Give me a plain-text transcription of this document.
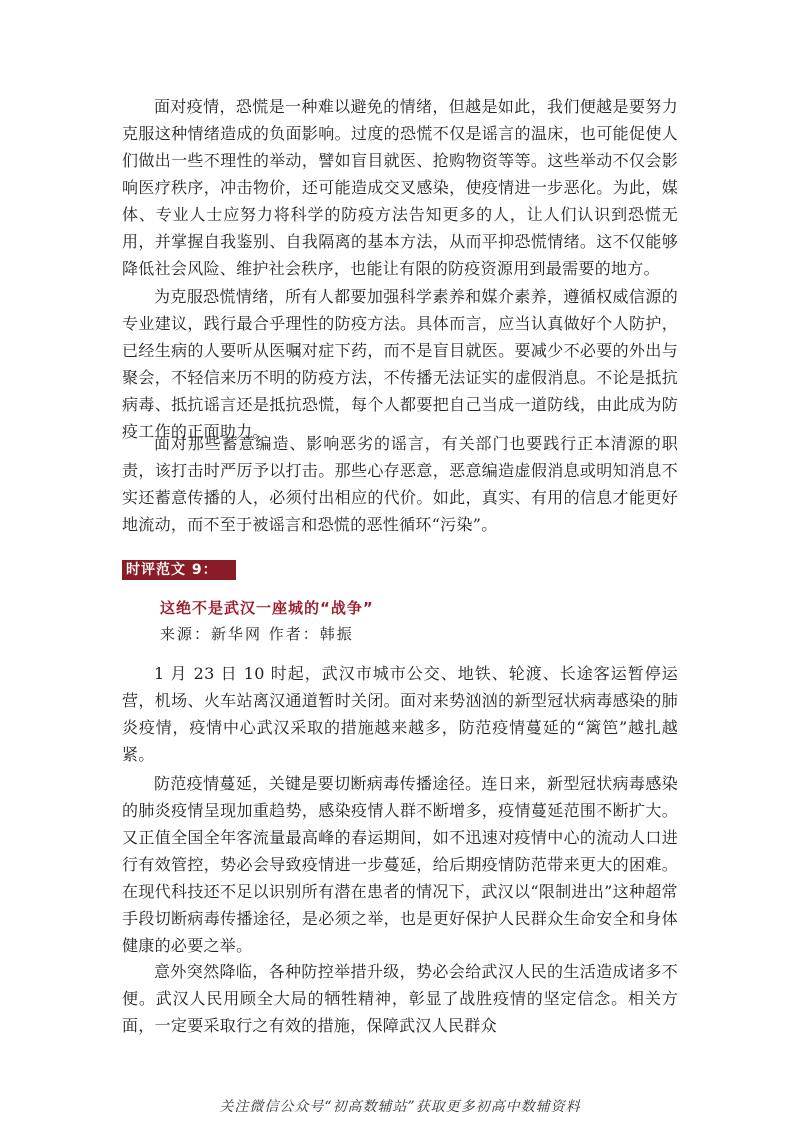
面对疫情，恐慌是一种难以避免的情绪，但越是如此，我们便越是要努力克服这种情绪造成的负面影响。过度的恐慌不仅是谣言的温床，也可能促使人们做出一些不理性的举动，譬如盲目就医、抢购物资等等。这些举动不仅会影响医疗秩序，冲击物价，还可能造成交叉感染，使疫情进一步恶化。为此，媒体、专业人士应努力将科学的防疫方法告知更多的人，让人们认识到恐慌无用，并掌握自我鉴别、自我隔离的基本方法，从而平抑恐慌情绪。这不仅能够降低社会风险、维护社会秩序，也能让有限的防疫资源用到最需要的地方。

为克服恐慌情绪，所有人都要加强科学素养和媒介素养，遵循权威信源的专业建议，践行最合乎理性的防疫方法。具体而言，应当认真做好个人防护，已经生病的人要听从医嘱对症下药，而不是盲目就医。要减少不必要的外出与聚会，不轻信来历不明的防疫方法，不传播无法证实的虚假消息。不论是抵抗病毒、抵抗谣言还是抵抗恐慌，每个人都要把自己当成一道防线，由此成为防疫工作的正面助力。

面对那些蓄意编造、影响恶劣的谣言，有关部门也要践行正本清源的职责，该打击时严厉予以打击。那些心存恶意，恶意编造虚假消息或明知消息不实还蓄意传播的人，必须付出相应的代价。如此，真实、有用的信息才能更好地流动，而不至于被谣言和恐慌的恶性循环“污染”。

时评范文 9：
这绝不是武汉一座城的“战争”
来源：新华网 作者：韩振

1 月 23 日 10 时起，武汉市城市公交、地铁、轮渡、长途客运暂停运营，机场、火车站离汉通道暂时关闭。面对来势汹汹的新型冠状病毒感染的肺炎疫情，疫情中心武汉采取的措施越来越多，防范疫情蔓延的“篱笆”越扎越紧。

防范疫情蔓延，关键是要切断病毒传播途径。连日来，新型冠状病毒感染的肺炎疫情呈现加重趋势，感染疫情人群不断增多，疫情蔓延范围不断扩大。又正值全国全年客流量最高峰的春运期间，如不迅速对疫情中心的流动人口进行有效管控，势必会导致疫情进一步蔓延，给后期疫情防范带来更大的困难。在现代科技还不足以识别所有潜在患者的情况下，武汉以“限制进出”这种超常手段切断病毒传播途径，是必须之举，也是更好保护人民群众生命安全和身体健康的必要之举。

意外突然降临，各种防控举措升级，势必会给武汉人民的生活造成诸多不便。武汉人民用顾全大局的牺牲精神，彰显了战胜疫情的坚定信念。相关方面，一定要采取行之有效的措施，保障武汉人民群众

关注微信公众号“初高数辅站”获取更多初高中数辅资料
